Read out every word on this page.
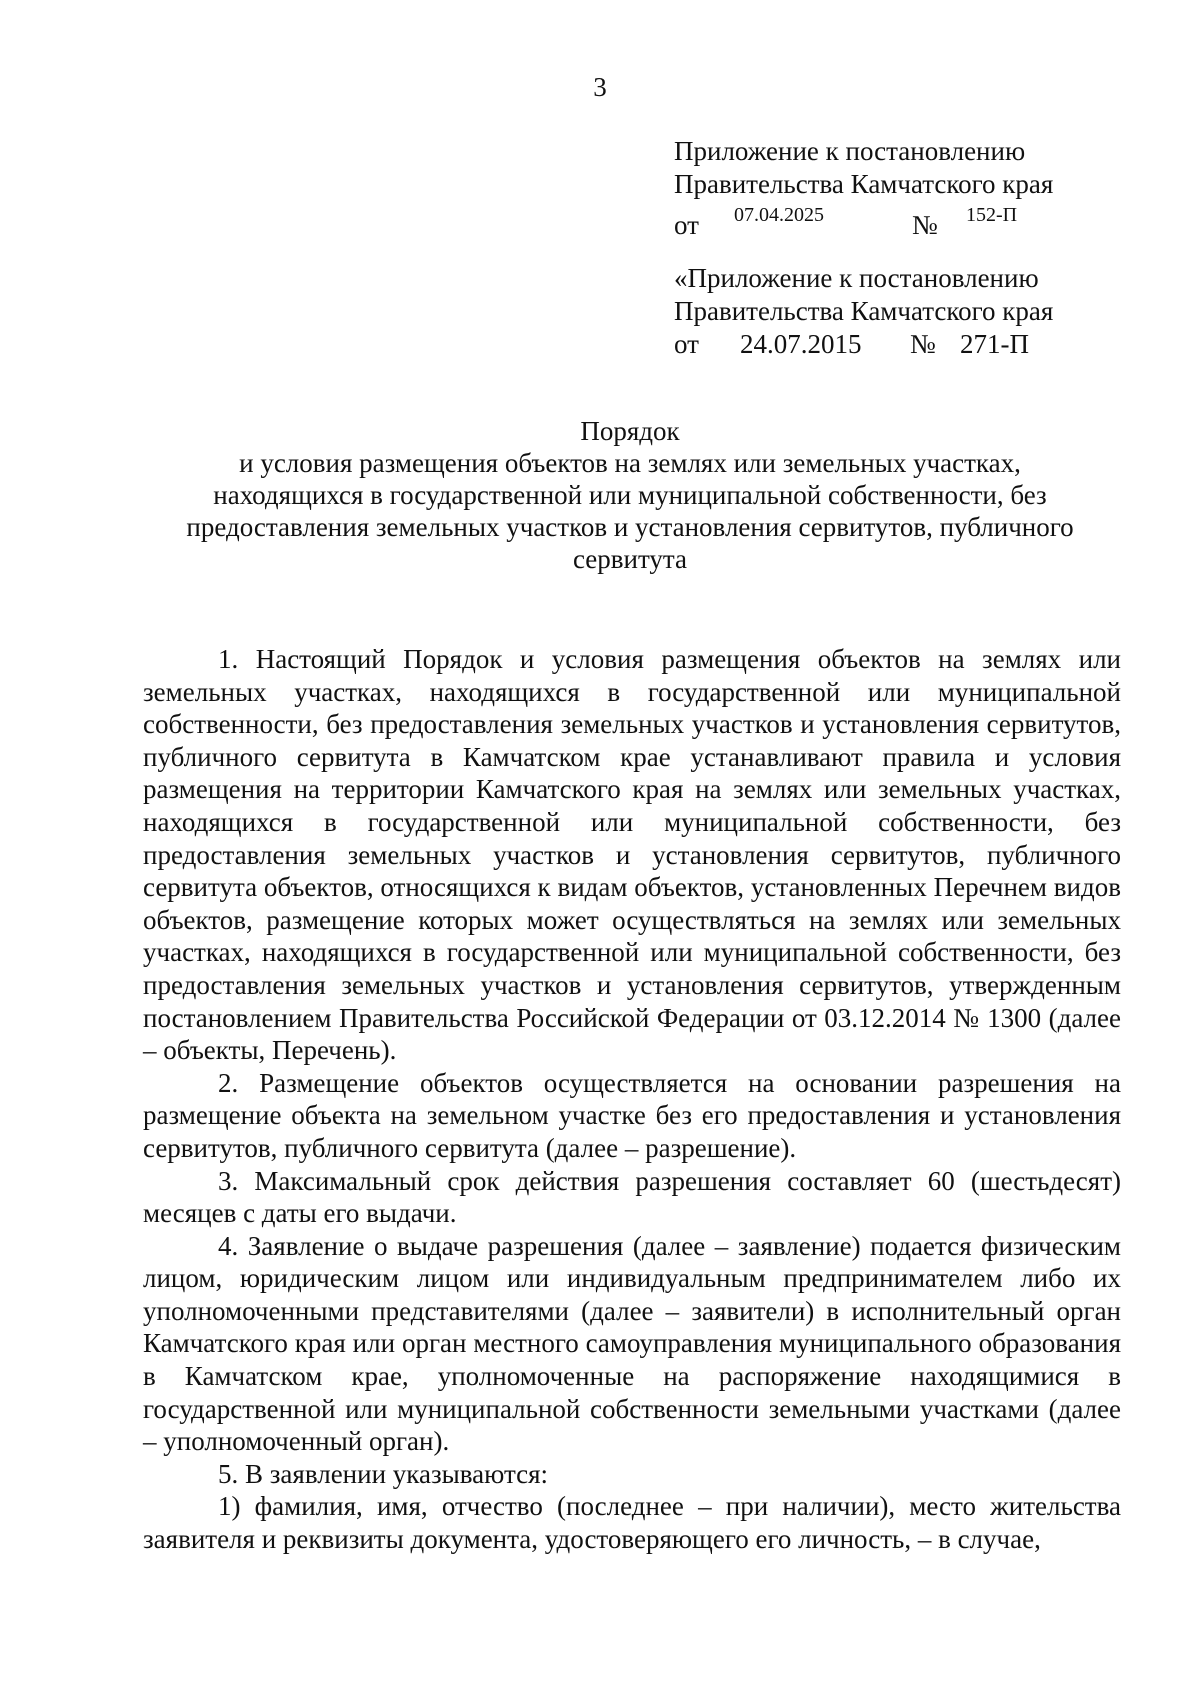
3
Приложение к постановлению
Правительства Камчатского края
от 07.04.2025	№ 152-П
«Приложение к постановлению
Правительства Камчатского края
от 24.07.2015 № 271-П
Порядок
и условия размещения объектов на землях или земельных участках,
находящихся в государственной или муниципальной собственности, без
предоставления земельных участков и установления сервитутов, публичного
сервитута

1. Настоящий Порядок и условия размещения объектов на землях или земельных участках, находящихся в государственной или муниципальной собственности, без предоставления земельных участков и установления сервитутов, публичного сервитута в Камчатском крае устанавливают правила и условия размещения на территории Камчатского края на землях или земельных участках, находящихся в государственной или муниципальной собственности, без предоставления земельных участков и установления сервитутов, публичного сервитута объектов, относящихся к видам объектов, установленных Перечнем видов объектов, размещение которых может осуществляться на землях или земельных участках, находящихся в государственной или муниципальной собственности, без предоставления земельных участков и установления сервитутов, утвержденным постановлением Правительства Российской Федерации от 03.12.2014 № 1300 (далее – объекты, Перечень).

2. Размещение объектов осуществляется на основании разрешения на размещение объекта на земельном участке без его предоставления и установления сервитутов, публичного сервитута (далее – разрешение).

3. Максимальный срок действия разрешения составляет 60 (шестьдесят) месяцев с даты его выдачи.

4. Заявление о выдаче разрешения (далее – заявление) подается физическим лицом, юридическим лицом или индивидуальным предпринимателем либо их уполномоченными представителями (далее – заявители) в исполнительный орган Камчатского края или орган местного самоуправления муниципального образования в Камчатском крае, уполномоченные на распоряжение находящимися в государственной или муниципальной собственности земельными участками (далее – уполномоченный орган).

5. В заявлении указываются:

1) фамилия, имя, отчество (последнее – при наличии), место жительства заявителя и реквизиты документа, удостоверяющего его личность, – в случае,
